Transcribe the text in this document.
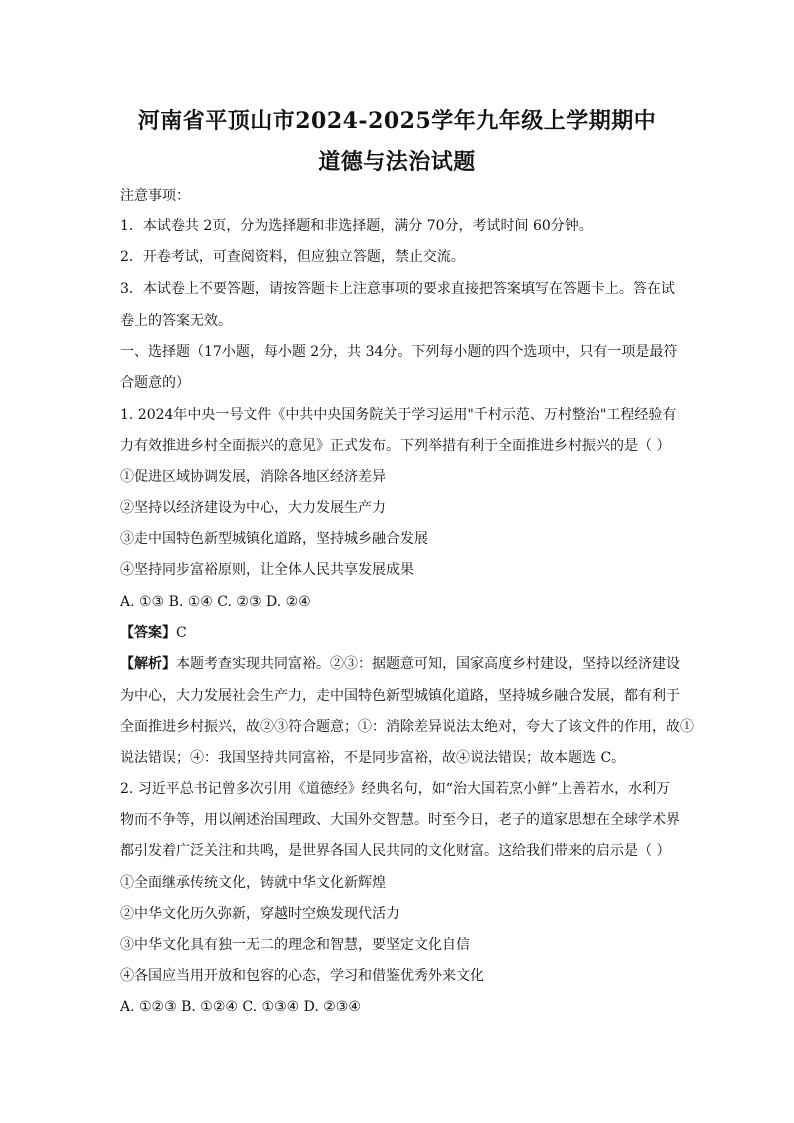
河南省平顶山市2024-2025学年九年级上学期期中
道德与法治试题
注意事项：
1．本试卷共 2页，分为选择题和非选择题，满分 70分，考试时间 60分钟。
2．开卷考试，可查阅资料，但应独立答题，禁止交流。
3．本试卷上不要答题，请按答题卡上注意事项的要求直接把答案填写在答题卡上。答在试
卷上的答案无效。
一、选择题（17小题，每小题 2分，共 34分。下列每小题的四个选项中，只有一项是最符
合题意的）
1. 2024年中央一号文件《中共中央国务院关于学习运用"千村示范、万村整治"工程经验有
力有效推进乡村全面振兴的意见》正式发布。下列举措有利于全面推进乡村振兴的是（ ）
①促进区域协调发展，消除各地区经济差异
②坚持以经济建设为中心，大力发展生产力
③走中国特色新型城镇化道路，坚持城乡融合发展
④坚持同步富裕原则，让全体人民共享发展成果
A. ①③ B. ①④ C. ②③ D. ②④
【答案】C
【解析】本题考查实现共同富裕。②③：据题意可知，国家高度乡村建设，坚持以经济建设
为中心，大力发展社会生产力，走中国特色新型城镇化道路，坚持城乡融合发展，都有利于
全面推进乡村振兴，故②③符合题意；①：消除差异说法太绝对，夸大了该文件的作用，故①
说法错误；④：我国坚持共同富裕，不是同步富裕，故④说法错误；故本题选 C。
2. 习近平总书记曾多次引用《道德经》经典名句，如“治大国若烹小鲜”上善若水，水利万
物而不争等，用以阐述治国理政、大国外交智慧。时至今日，老子的道家思想在全球学术界
都引发着广泛关注和共鸣，是世界各国人民共同的文化财富。这给我们带来的启示是（ ）
①全面继承传统文化，铸就中华文化新辉煌
②中华文化历久弥新，穿越时空焕发现代活力
③中华文化具有独一无二的理念和智慧，要坚定文化自信
④各国应当用开放和包容的心态，学习和借鉴优秀外来文化
A. ①②③ B. ①②④ C. ①③④ D. ②③④
